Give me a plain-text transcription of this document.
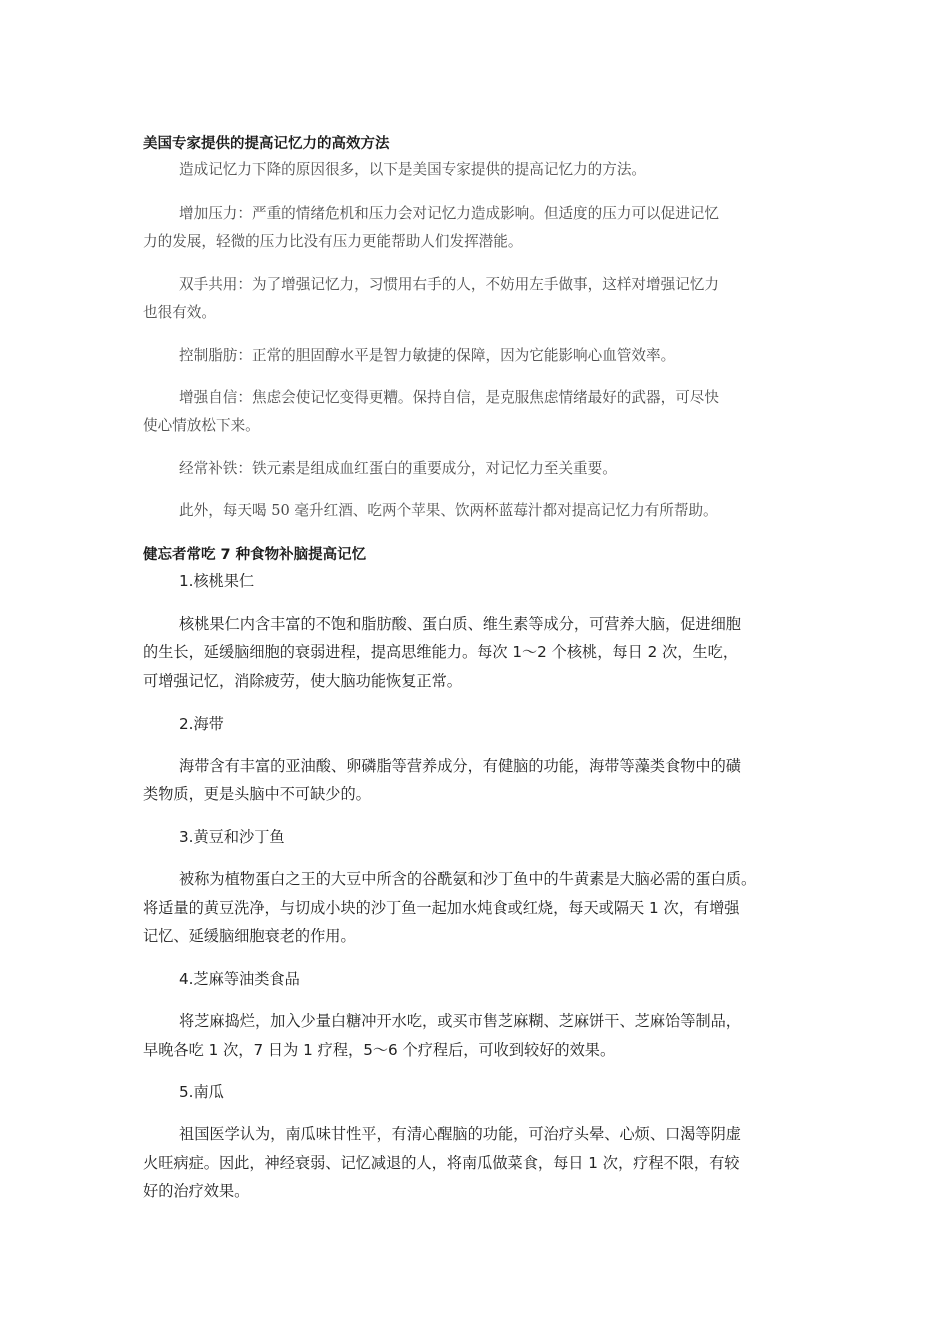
美国专家提供的提高记忆力的高效方法

造成记忆力下降的原因很多，以下是美国专家提供的提高记忆力的方法。

增加压力：严重的情绪危机和压力会对记忆力造成影响。但适度的压力可以促进记忆

力的发展，轻微的压力比没有压力更能帮助人们发挥潜能。

双手共用：为了增强记忆力，习惯用右手的人，不妨用左手做事，这样对增强记忆力

也很有效。

控制脂肪：正常的胆固醇水平是智力敏捷的保障，因为它能影响心血管效率。

增强自信：焦虑会使记忆变得更糟。保持自信，是克服焦虑情绪最好的武器，可尽快

使心情放松下来。

经常补铁：铁元素是组成血红蛋白的重要成分，对记忆力至关重要。

此外，每天喝 50 毫升红酒、吃两个苹果、饮两杯蓝莓汁都对提高记忆力有所帮助。

健忘者常吃 7 种食物补脑提高记忆

1.核桃果仁

核桃果仁内含丰富的不饱和脂肪酸、蛋白质、维生素等成分，可营养大脑，促进细胞

的生长，延缓脑细胞的衰弱进程，提高思维能力。每次 1～2 个核桃，每日 2 次，生吃，

可增强记忆，消除疲劳，使大脑功能恢复正常。

2.海带

海带含有丰富的亚油酸、卵磷脂等营养成分，有健脑的功能，海带等藻类食物中的磺

类物质，更是头脑中不可缺少的。

3.黄豆和沙丁鱼

被称为植物蛋白之王的大豆中所含的谷酰氨和沙丁鱼中的牛黄素是大脑必需的蛋白质。

将适量的黄豆洗净，与切成小块的沙丁鱼一起加水炖食或红烧，每天或隔天 1 次，有增强

记忆、延缓脑细胞衰老的作用。

4.芝麻等油类食品

将芝麻捣烂，加入少量白糖冲开水吃，或买市售芝麻糊、芝麻饼干、芝麻饴等制品，

早晚各吃 1 次，7 日为 1 疗程，5～6 个疗程后，可收到较好的效果。

5.南瓜

祖国医学认为，南瓜味甘性平，有清心醒脑的功能，可治疗头晕、心烦、口渴等阴虚

火旺病症。因此，神经衰弱、记忆减退的人，将南瓜做菜食，每日 1 次，疗程不限，有较

好的治疗效果。
